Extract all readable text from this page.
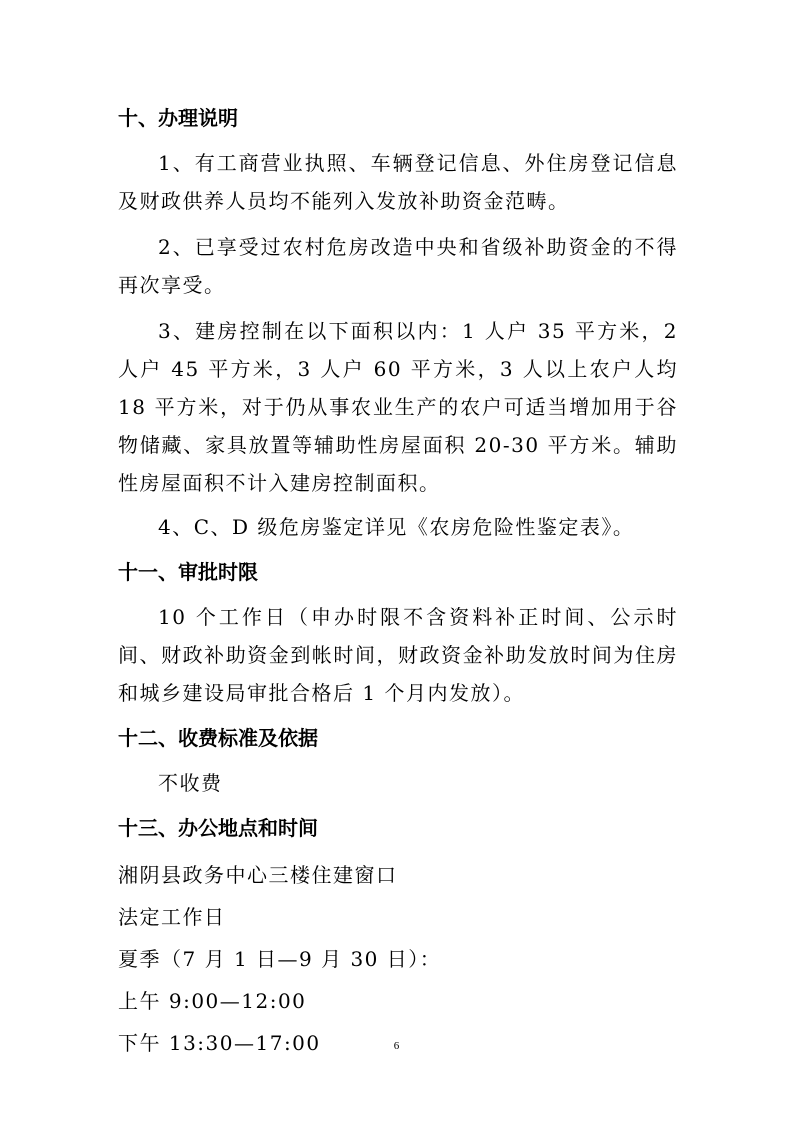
十、办理说明

1、有工商营业执照、车辆登记信息、外住房登记信息及财政供养人员均不能列入发放补助资金范畴。

2、已享受过农村危房改造中央和省级补助资金的不得再次享受。

3、建房控制在以下面积以内：1 人户 35 平方米，2 人户 45 平方米，3 人户 60 平方米，3 人以上农户人均 18 平方米，对于仍从事农业生产的农户可适当增加用于谷物储藏、家具放置等辅助性房屋面积 20-30 平方米。辅助性房屋面积不计入建房控制面积。

4、C、D 级危房鉴定详见《农房危险性鉴定表》。

十一、审批时限

10 个工作日（申办时限不含资料补正时间、公示时间、财政补助资金到帐时间，财政资金补助发放时间为住房和城乡建设局审批合格后 1 个月内发放）。

十二、收费标准及依据

不收费

十三、办公地点和时间

湘阴县政务中心三楼住建窗口

法定工作日

夏季（7 月 1 日—9 月 30 日）：

上午 9:00—12:00

下午 13:30—17:00	6
